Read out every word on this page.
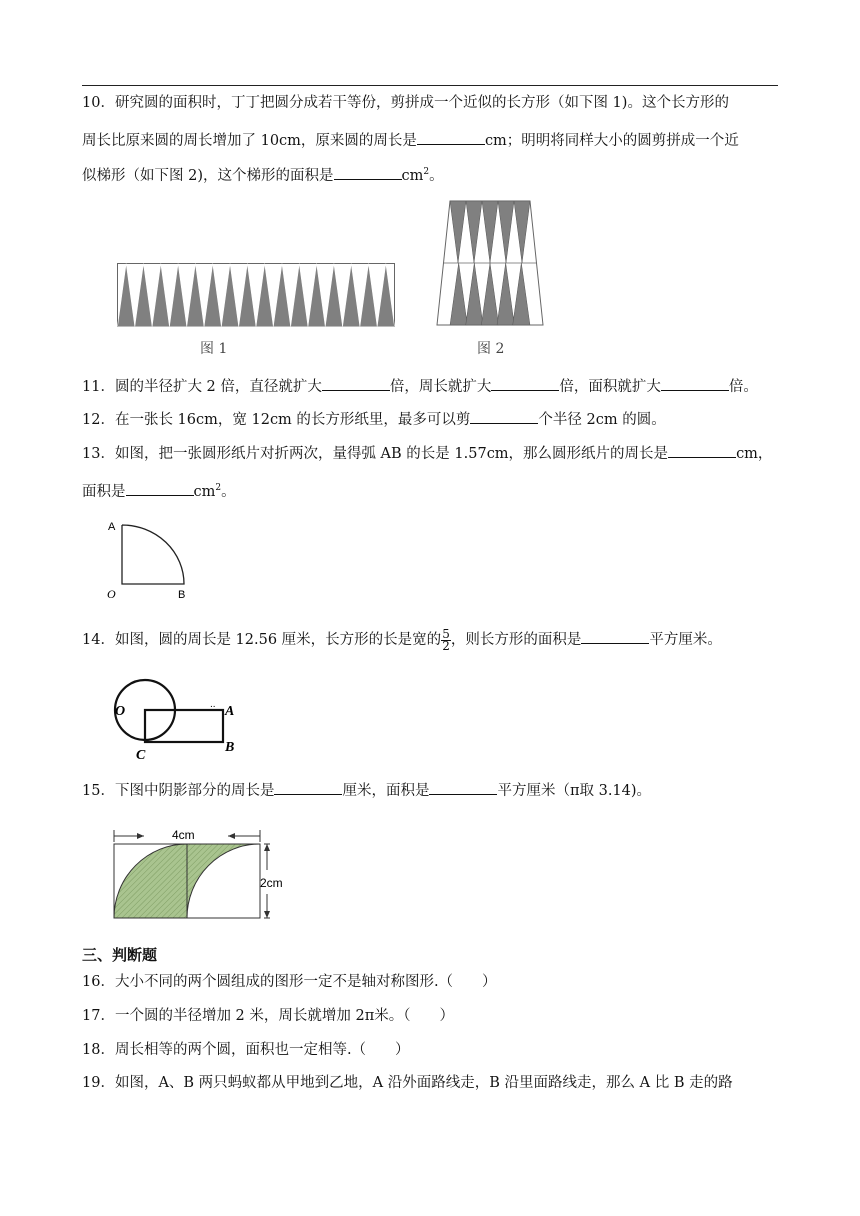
10．研究圆的面积时，丁丁把圆分成若干等份，剪拼成一个近似的长方形（如下图 1)。这个长方形的
周长比原来圆的周长增加了 10cm，原来圆的周长是	cm；明明将同样大小的圆剪拼成一个近
似梯形（如下图 2)，这个梯形的面积是	$cm^2$。
图 1	图 2
11．圆的半径扩大 2 倍，直径就扩大	倍，周长就扩大	倍，面积就扩大	倍。
12．在一张长 16cm，宽 12cm 的长方形纸里，最多可以剪	个半径 2cm 的圆。
13．如图，把一张圆形纸片对折两次，量得弧 AB 的长是 1.57cm，那么圆形纸片的周长是	cm，
面积是	$cm^2$。
A
O	B
14．如图，圆的周长是 12.56 厘米，长方形的长是宽的 $\frac{5}{2}$ ，则长方形的面积是	平方厘米。
O	.. A
B
C
15．下图中阴影部分的周长是	厘米，面积是	平方厘米（π取 3.14)。
4cm
2cm
三、判断题
16．大小不同的两个圆组成的图形一定不是轴对称图形.（　　）
17．一个圆的半径增加 2 米，周长就增加 2π米。（　　）
18．周长相等的两个圆，面积也一定相等.（　　）
19．如图，A、B 两只蚂蚁都从甲地到乙地，A 沿外面路线走，B 沿里面路线走，那么 A 比 B 走的路
